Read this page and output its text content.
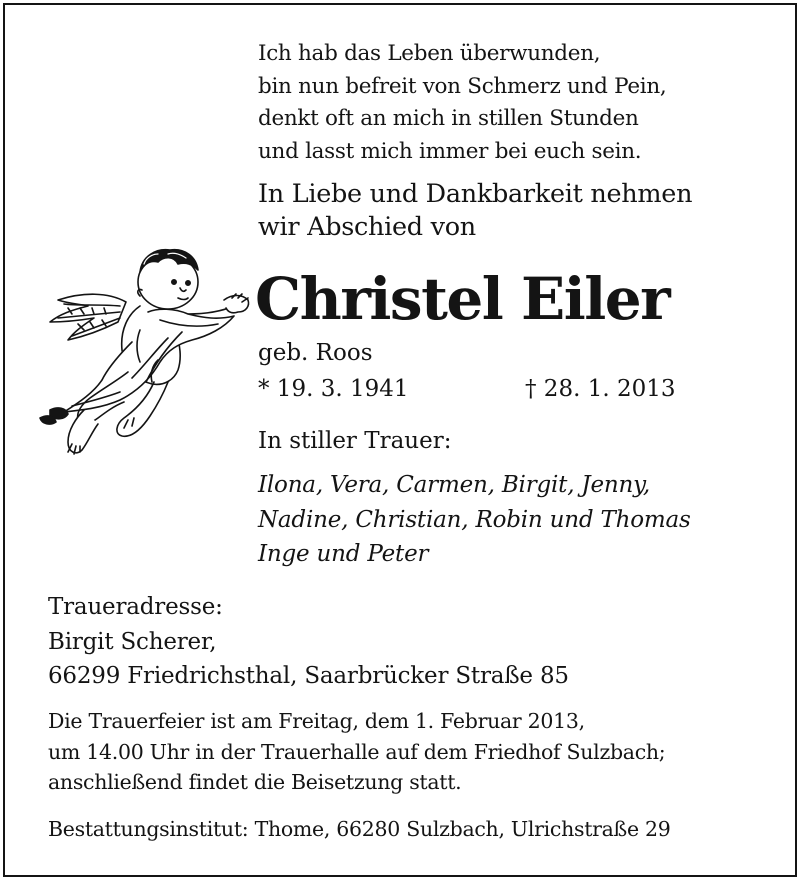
Ich hab das Leben überwunden,
bin nun befreit von Schmerz und Pein,
denkt oft an mich in stillen Stunden
und lasst mich immer bei euch sein.
In Liebe und Dankbarkeit nehmen
wir Abschied von
Christel Eiler
geb. Roos
* 19. 3. 1941	† 28. 1. 2013
In stiller Trauer:
Ilona, Vera, Carmen, Birgit, Jenny,
Nadine, Christian, Robin und Thomas
Inge und Peter
Traueradresse:
Birgit Scherer,
66299 Friedrichsthal, Saarbrücker Straße 85
Die Trauerfeier ist am Freitag, dem 1. Februar 2013,
um 14.00 Uhr in der Trauerhalle auf dem Friedhof Sulzbach;
anschließend findet die Beisetzung statt.
Bestattungsinstitut: Thome, 66280 Sulzbach, Ulrichstraße 29
